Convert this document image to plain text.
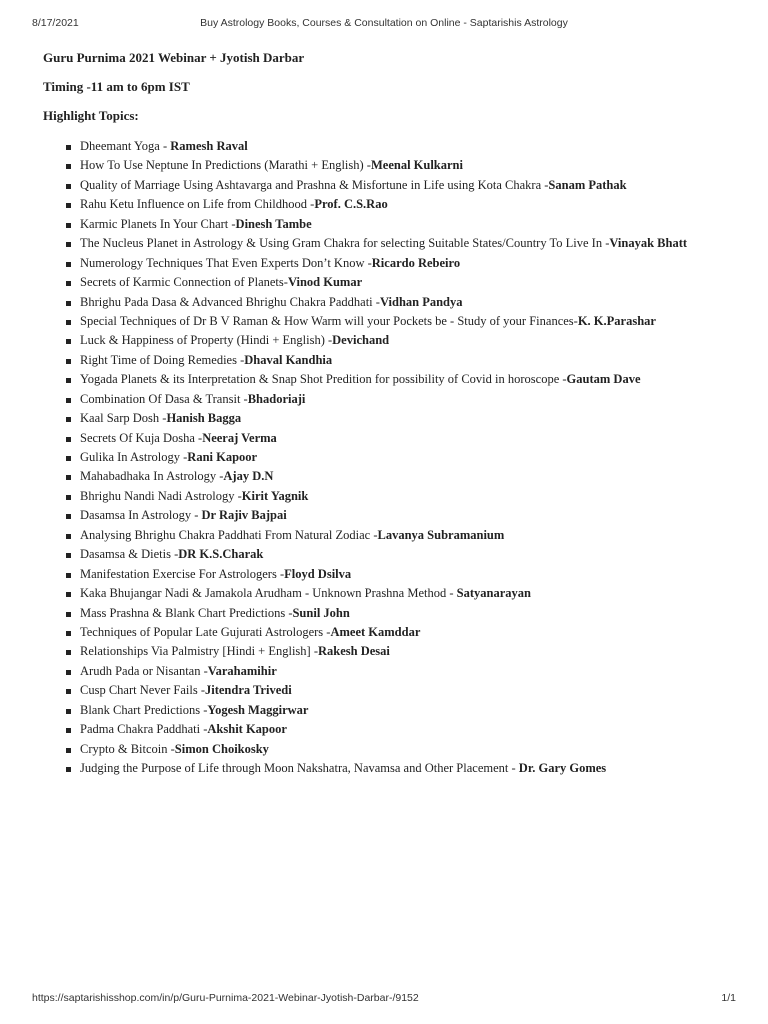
8/17/2021	Buy Astrology Books, Courses & Consultation on Online - Saptarishis Astrology

Guru Purnima 2021 Webinar + Jyotish Darbar

Timing -11 am to 6pm IST

Highlight Topics:

Dheemant Yoga - Ramesh Raval
How To Use Neptune In Predictions (Marathi + English) -Meenal Kulkarni
Quality of Marriage Using Ashtavarga and Prashna & Misfortune in Life using Kota Chakra -Sanam Pathak
Rahu Ketu Influence on Life from Childhood -Prof. C.S.Rao
Karmic Planets In Your Chart -Dinesh Tambe
The Nucleus Planet in Astrology & Using Gram Chakra for selecting Suitable States/Country To Live In -Vinayak Bhatt
Numerology Techniques That Even Experts Don’t Know -Ricardo Rebeiro
Secrets of Karmic Connection of Planets-Vinod Kumar
Bhrighu Pada Dasa & Advanced Bhrighu Chakra Paddhati -Vidhan Pandya
Special Techniques of Dr B V Raman & How Warm will your Pockets be - Study of your Finances-K. K.Parashar
Luck & Happiness of Property (Hindi + English) -Devichand
Right Time of Doing Remedies -Dhaval Kandhia
Yogada Planets & its Interpretation & Snap Shot Predition for possibility of Covid in horoscope -Gautam Dave
Combination Of Dasa & Transit -Bhadoriaji
Kaal Sarp Dosh -Hanish Bagga
Secrets Of Kuja Dosha -Neeraj Verma
Gulika In Astrology -Rani Kapoor
Mahabadhaka In Astrology -Ajay D.N
Bhrighu Nandi Nadi Astrology -Kirit Yagnik
Dasamsa In Astrology - Dr Rajiv Bajpai
Analysing Bhrighu Chakra Paddhati From Natural Zodiac -Lavanya Subramanium
Dasamsa & Dietis -DR K.S.Charak
Manifestation Exercise For Astrologers -Floyd Dsilva
Kaka Bhujangar Nadi & Jamakola Arudham - Unknown Prashna Method - Satyanarayan
Mass Prashna & Blank Chart Predictions -Sunil John
Techniques of Popular Late Gujurati Astrologers -Ameet Kamddar
Relationships Via Palmistry [Hindi + English] -Rakesh Desai
Arudh Pada or Nisantan -Varahamihir
Cusp Chart Never Fails -Jitendra Trivedi
Blank Chart Predictions -Yogesh Maggirwar
Padma Chakra Paddhati -Akshit Kapoor
Crypto & Bitcoin -Simon Choikosky
Judging the Purpose of Life through Moon Nakshatra, Navamsa and Other Placement - Dr. Gary Gomes
https://saptarishisshop.com/in/p/Guru-Purnima-2021-Webinar-Jyotish-Darbar-/9152	1/1
